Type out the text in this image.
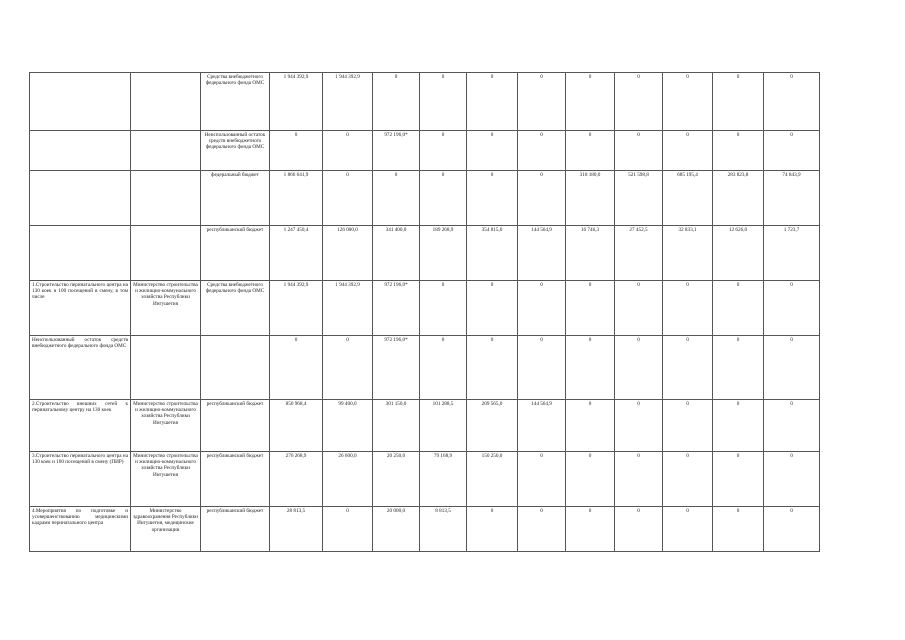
		Средства внебюджетного федерального фонда ОМС	1 944 392,9	1 944 392,9	0	0	0	0	0	0	0	0	0	
		Неиспользованный остаток средств внебюджетного федерального фонда ОМС	0	0	972 196,0*	0	0	0	0	0	0	0	0	
		федеральный бюджет	1 866 641,9	0	0	0	0	0	318 180,0	521 598,8	685 195,4	283 823,8	74 843,9	
		республиканский бюджет	1 247 450,4	126 000,0	341 400,0	189 268,9	354 815,0	144 564,9	16 746,3	27 452,5	32 833,1	12 626,0	1 723,7	
1.Строительство перинатального центра на 130 коек и 100 посещений в смену, в том числе	Министерство строительства и жилищно-коммунального хозяйства Республики Ингушетия	Средства внебюджетного федерального фонда ОМС	1 944 392,9	1 944 392,9	972 196,0*	0	0	0	0	0	0	0	0	
Неиспользованный остаток средств внебюджетного федерального фонда ОМС			0	0	972 196,0*	0	0	0	0	0	0	0	0	
2.Строительство внешних сетей к перинатальному центру на 130 коек	Министерство строительства и жилищно-коммунального хозяйства Республики Ингушетия	республиканский бюджет	850 968,4	99 400,0	301 150,0	101 288,5	209 565,0	144 564,9	0	0	0	0	0	
3.Строительство перинатального центра на 130 коек и 100 посещений в смену (ПИР)	Министерство строительства и жилищно-коммунального хозяйства Республики Ингушетия	республиканский бюджет	276 268,9	26 600,0	20 250,0	79 168,9	150 250,0	0	0	0	0	0	0	
4.Мероприятия по подготовке и усовершенствованию медицинскими кадрами перинатального центра	Министерство здравоохранения Республики Ингушетия, медицинские организации	республиканский бюджет	28 813,5	0	20 000,0	8 813,5	0	0	0	0	0	0	0	
